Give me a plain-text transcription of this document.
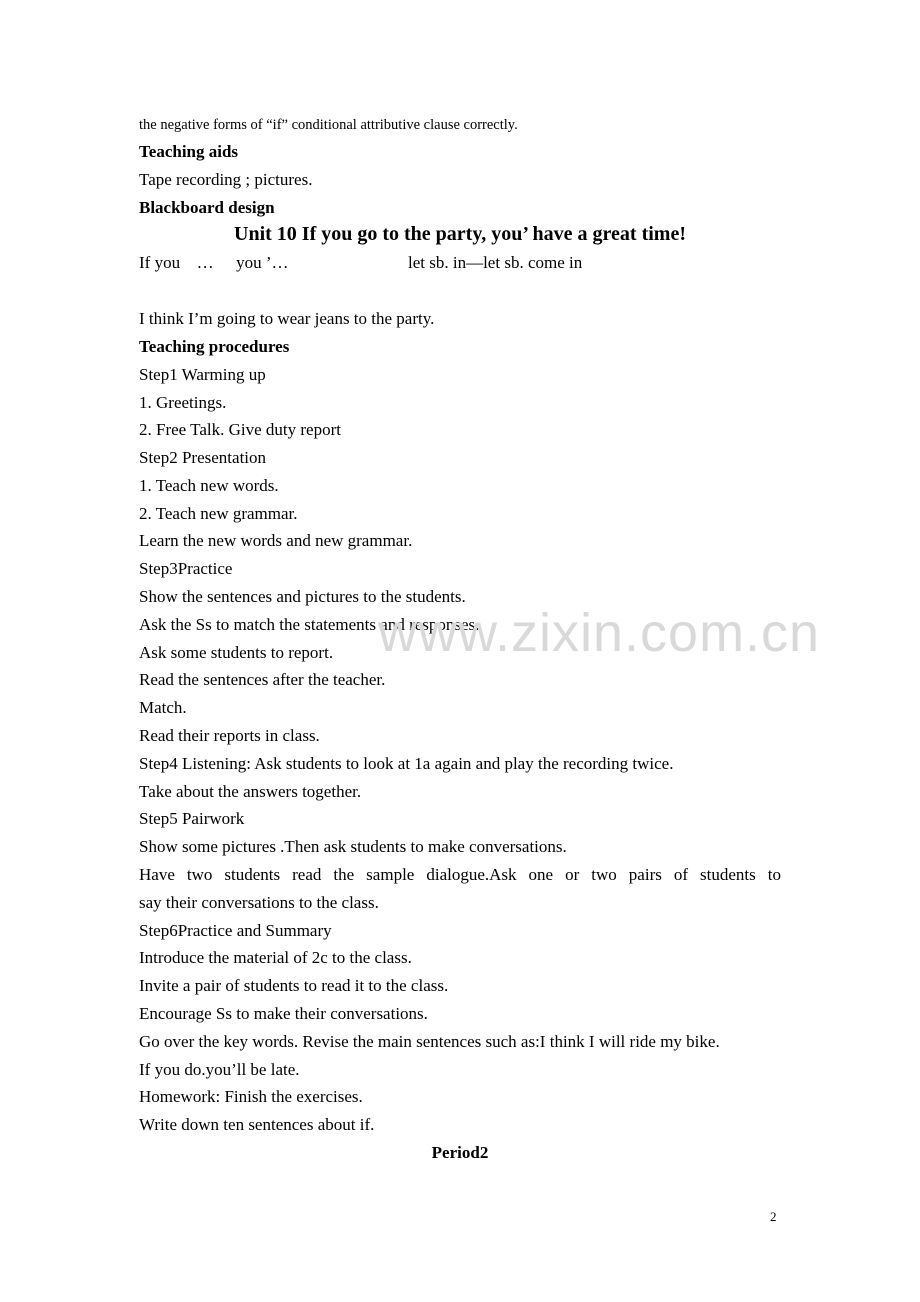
the negative forms of “if” conditional attributive clause correctly.
Teaching aids
Tape recording ; pictures.
Blackboard design
Unit 10 If you go to the party, you’ have a great time!
If you … you ’…	let sb. in—let sb. come in
I think I’m going to wear jeans to the party.
Teaching procedures
Step1 Warming up
1. Greetings.
2. Free Talk. Give duty report
Step2 Presentation
1. Teach new words.
2. Teach new grammar.
Learn the new words and new grammar.
Step3Practice
Show the sentences and pictures to the students.
Ask the Ss to match the statements and responses.
Ask some students to report.
Read the sentences after the teacher.
Match.
Read their reports in class.
Step4 Listening: Ask students to look at 1a again and play the recording twice.
Take about the answers together.
Step5 Pairwork
Show some pictures .Then ask students to make conversations.
Have two students read the sample dialogue.Ask one or two pairs of students to
say their conversations to the class.
Step6Practice and Summary
Introduce the material of 2c to the class.
Invite a pair of students to read it to the class.
Encourage Ss to make their conversations.
Go over the key words. Revise the main sentences such as:I think I will ride my bike.
If you do.you’ll be late.
Homework: Finish the exercises.
Write down ten sentences about if.
Period2
www.zixin.com.cn
2
